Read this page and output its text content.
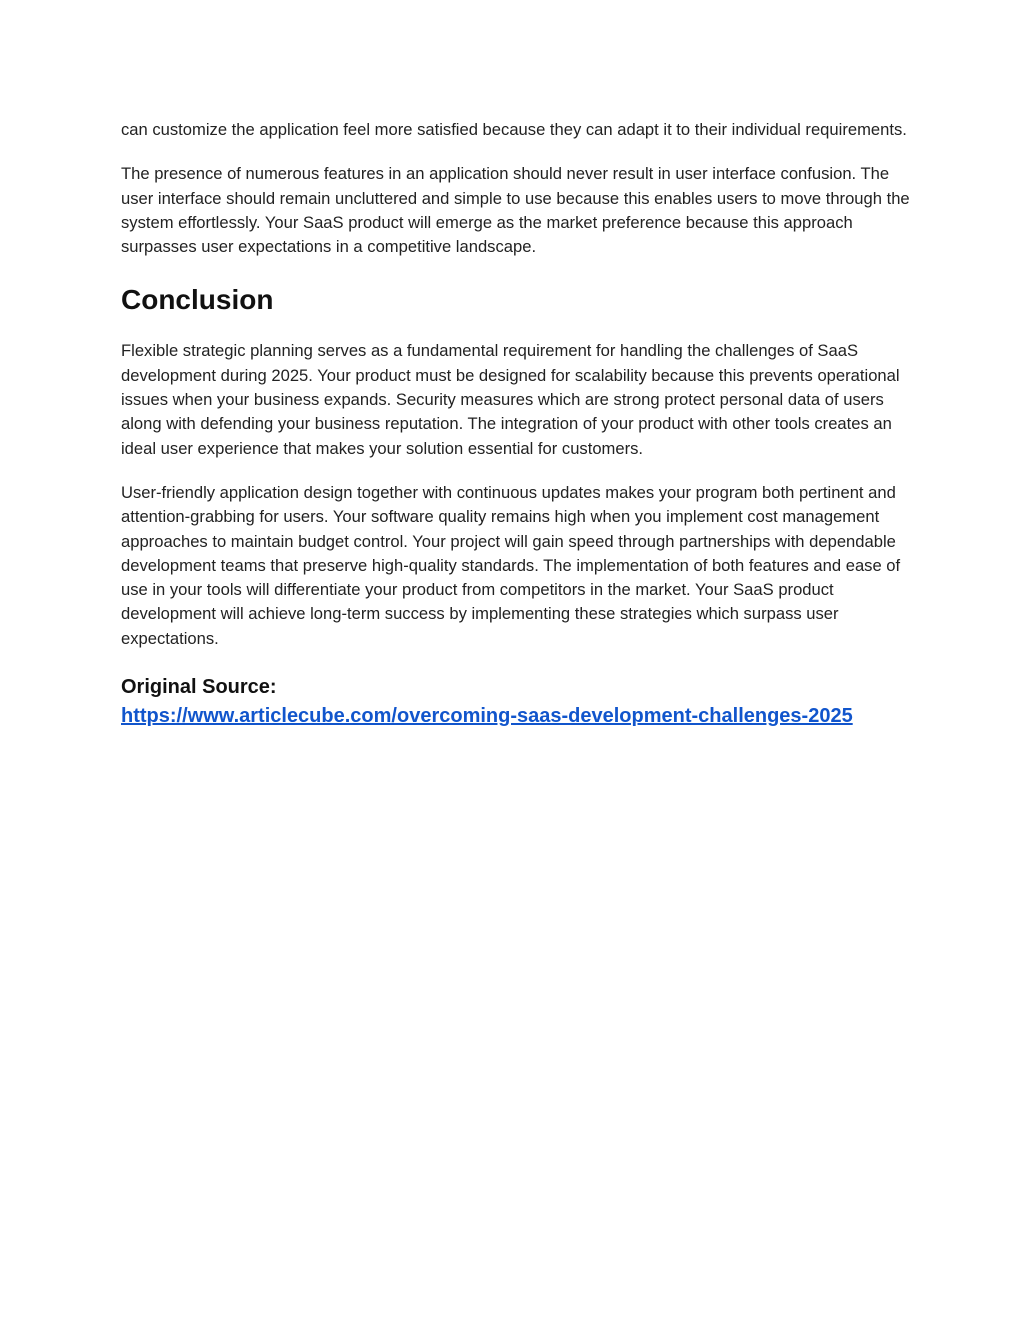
can customize the application feel more satisfied because they can adapt it to their individual requirements.

The presence of numerous features in an application should never result in user interface confusion. The user interface should remain uncluttered and simple to use because this enables users to move through the system effortlessly. Your SaaS product will emerge as the market preference because this approach surpasses user expectations in a competitive landscape.

Conclusion

Flexible strategic planning serves as a fundamental requirement for handling the challenges of SaaS development during 2025. Your product must be designed for scalability because this prevents operational issues when your business expands. Security measures which are strong protect personal data of users along with defending your business reputation. The integration of your product with other tools creates an ideal user experience that makes your solution essential for customers.

User-friendly application design together with continuous updates makes your program both pertinent and attention-grabbing for users. Your software quality remains high when you implement cost management approaches to maintain budget control. Your project will gain speed through partnerships with dependable development teams that preserve high-quality standards. The implementation of both features and ease of use in your tools will differentiate your product from competitors in the market. Your SaaS product development will achieve long-term success by implementing these strategies which surpass user expectations.

Original Source:
https://www.articlecube.com/overcoming-saas-development-challenges-2025
